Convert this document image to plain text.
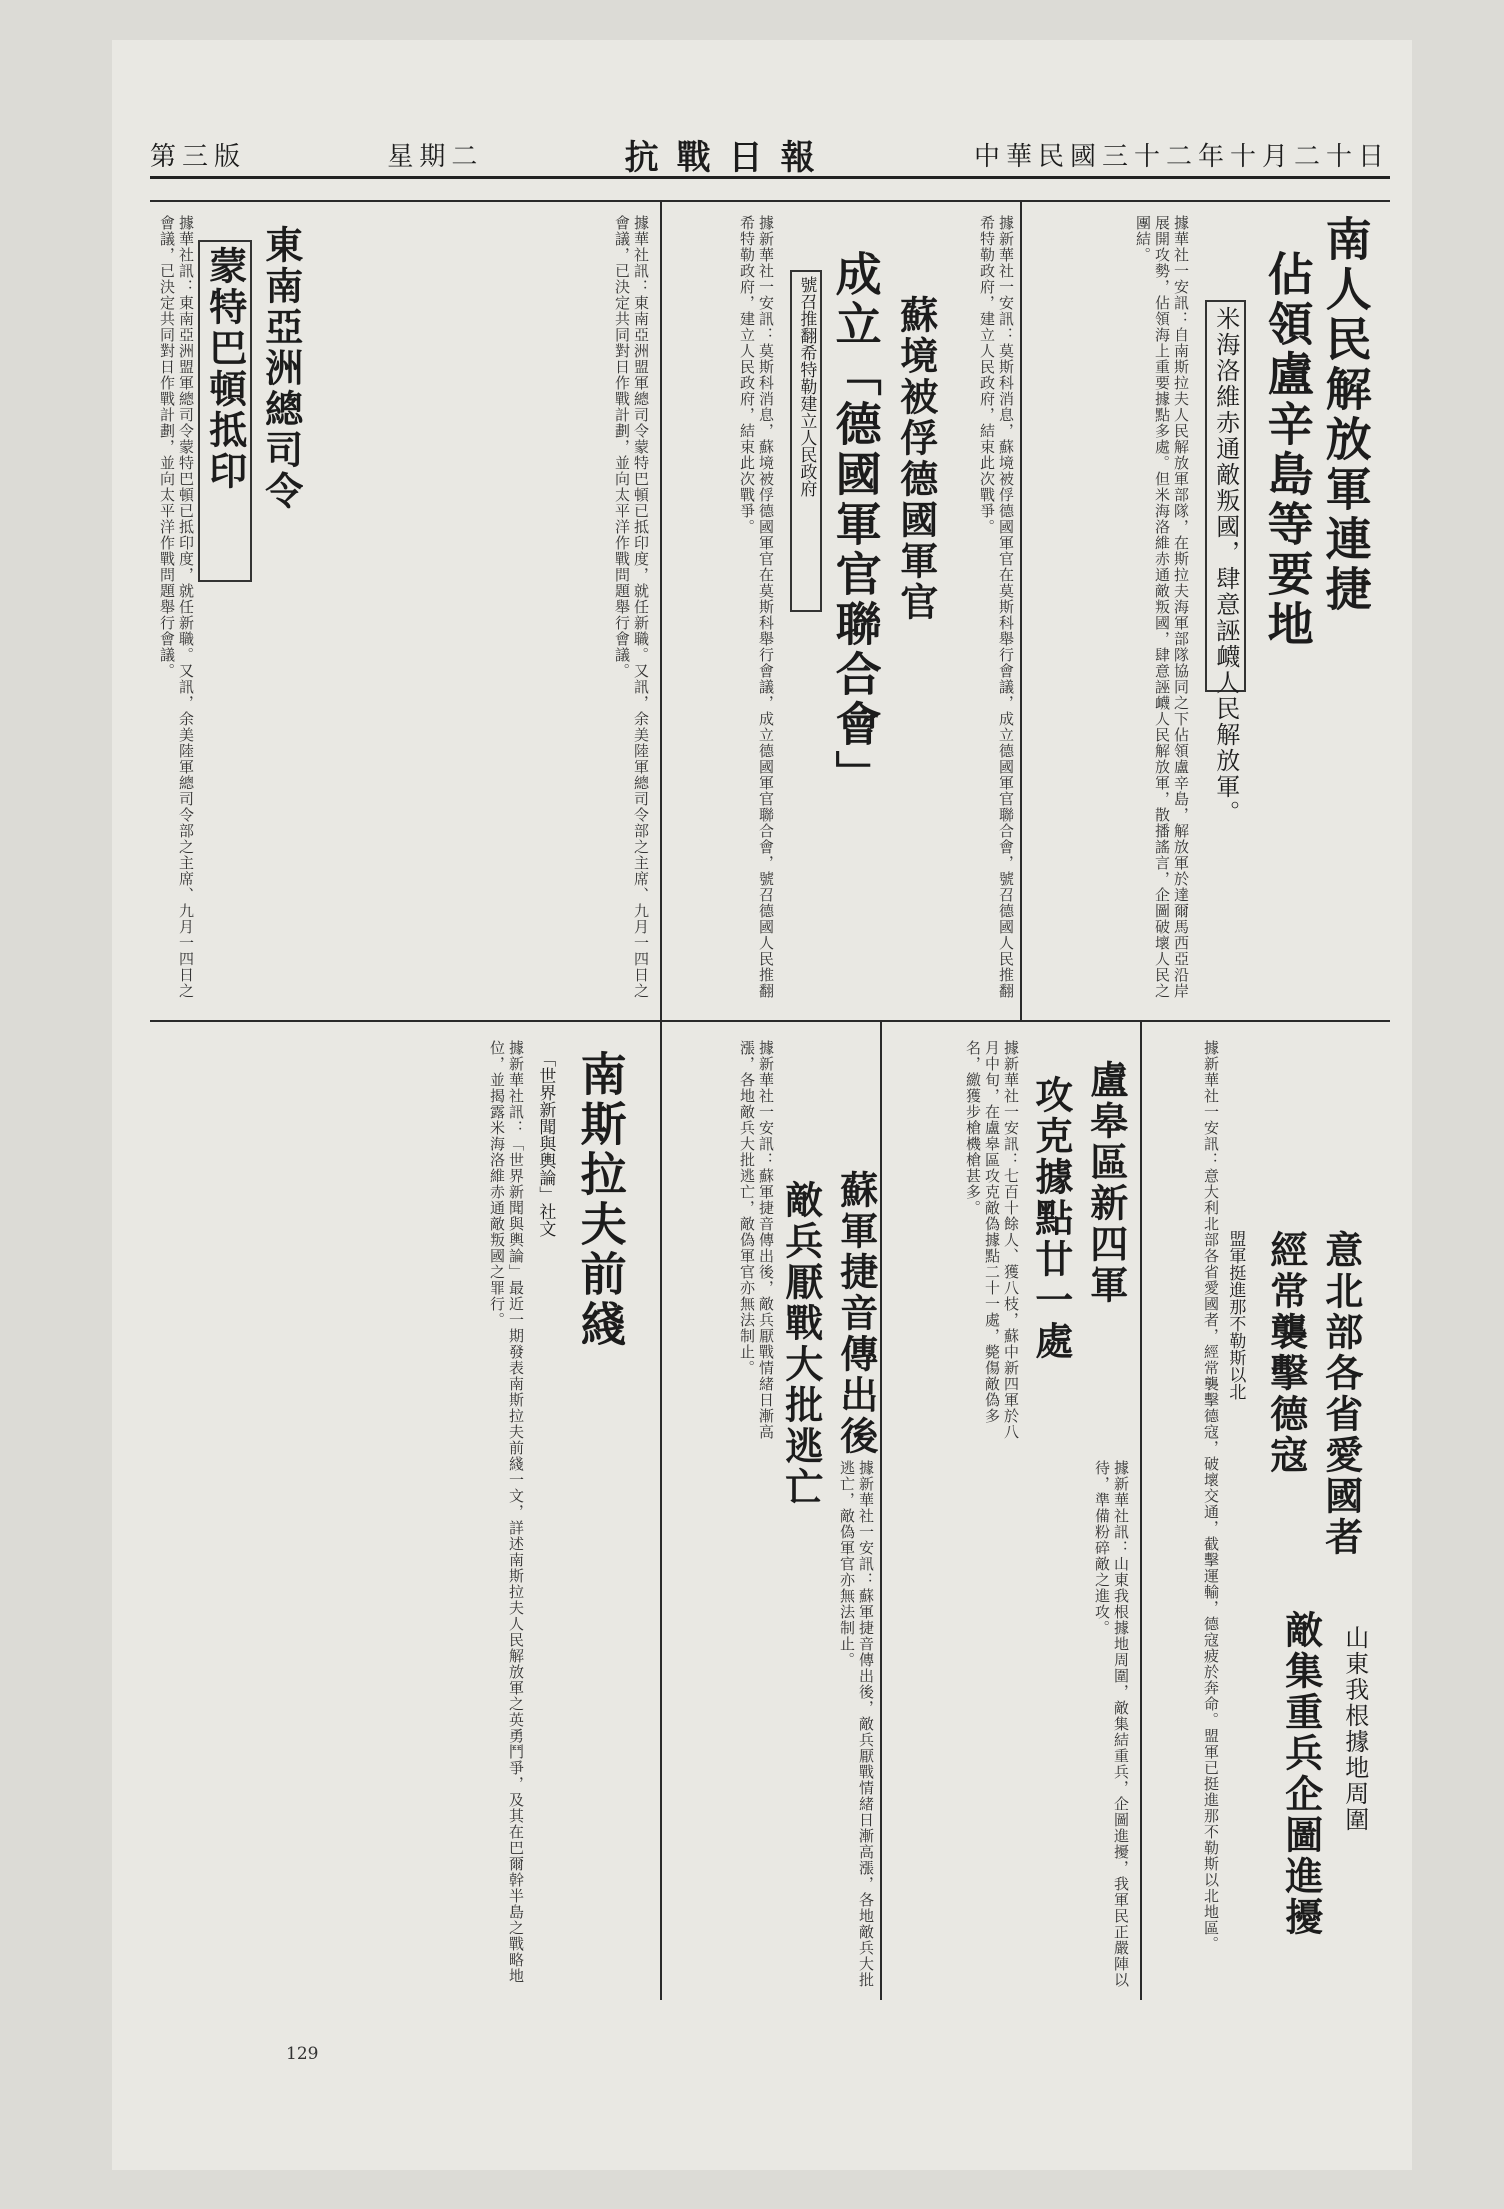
第三版	星期二	抗戰日報	中華民國三十二年十月二十日
南人民解放軍連捷
佔領盧辛島等要地
米海洛維赤通敵叛國，肆意誣衊人民解放軍。
據華社一安訊：自南斯拉夫人民解放軍部隊，在斯拉夫海軍部隊協同之下佔領盧辛島，解放軍於達爾馬西亞沿岸展開攻勢，佔領海上重要據點多處。但米海洛維赤通敵叛國，肆意誣衊人民解放軍，散播謠言，企圖破壞人民之團結。
蘇境被俘德國軍官
成立「德國軍官聯合會」
號召推翻希特勒建立人民政府	據新華社一安訊：莫斯科消息，蘇境被俘德國軍官在莫斯科舉行會議，成立德國軍官聯合會，號召德國人民推翻希特勒政府，建立人民政府，結束此次戰爭。
據新華社一安訊：莫斯科消息，蘇境被俘德國軍官在莫斯科舉行會議，成立德國軍官聯合會，號召德國人民推翻希特勒政府，建立人民政府，結束此次戰爭。
東南亞洲總司令
蒙特巴頓抵印
據華社訊：東南亞洲盟軍總司令蒙特巴頓已抵印度，就任新職。又訊，余美陸軍總司令部之主席、九月一四日之會議，已決定共同對日作戰計劃，並向太平洋作戰問題舉行會議。	據華社訊：東南亞洲盟軍總司令蒙特巴頓已抵印度，就任新職。又訊，余美陸軍總司令部之主席、九月一四日之會議，已決定共同對日作戰計劃，並向太平洋作戰問題舉行會議。
盧皋區新四軍
攻克據點廿一處
據新華社一安訊：七百十餘人、獲八枝，蘇中新四軍於八月中旬，在盧皋區攻克敵偽據點二十一處，斃傷敵偽多名，繳獲步槍機槍甚多。
蘇軍捷音傳出後
敵兵厭戰大批逃亡
據新華社一安訊：蘇軍捷音傳出後，敵兵厭戰情緒日漸高漲，各地敵兵大批逃亡，敵偽軍官亦無法制止。
南斯拉夫前綫
「世界新聞與輿論」社文
據新華社訊：「世界新聞與輿論」最近一期發表南斯拉夫前綫一文，詳述南斯拉夫人民解放軍之英勇鬥爭，及其在巴爾幹半島之戰略地位，並揭露米海洛維赤通敵叛國之罪行。
意北部各省愛國者
經常襲擊德寇
盟軍挺進那不勒斯以北
據新華社一安訊：意大利北部各省愛國者，經常襲擊德寇，破壞交通，截擊運輸，德寇疲於奔命。盟軍已挺進那不勒斯以北地區。	山東我根據地周圍
敵集重兵企圖進擾
據新華社訊：山東我根據地周圍，敵集結重兵，企圖進擾，我軍民正嚴陣以待，準備粉碎敵之進攻。
據新華社一安訊：蘇軍捷音傳出後，敵兵厭戰情緒日漸高漲，各地敵兵大批逃亡，敵偽軍官亦無法制止。
129
